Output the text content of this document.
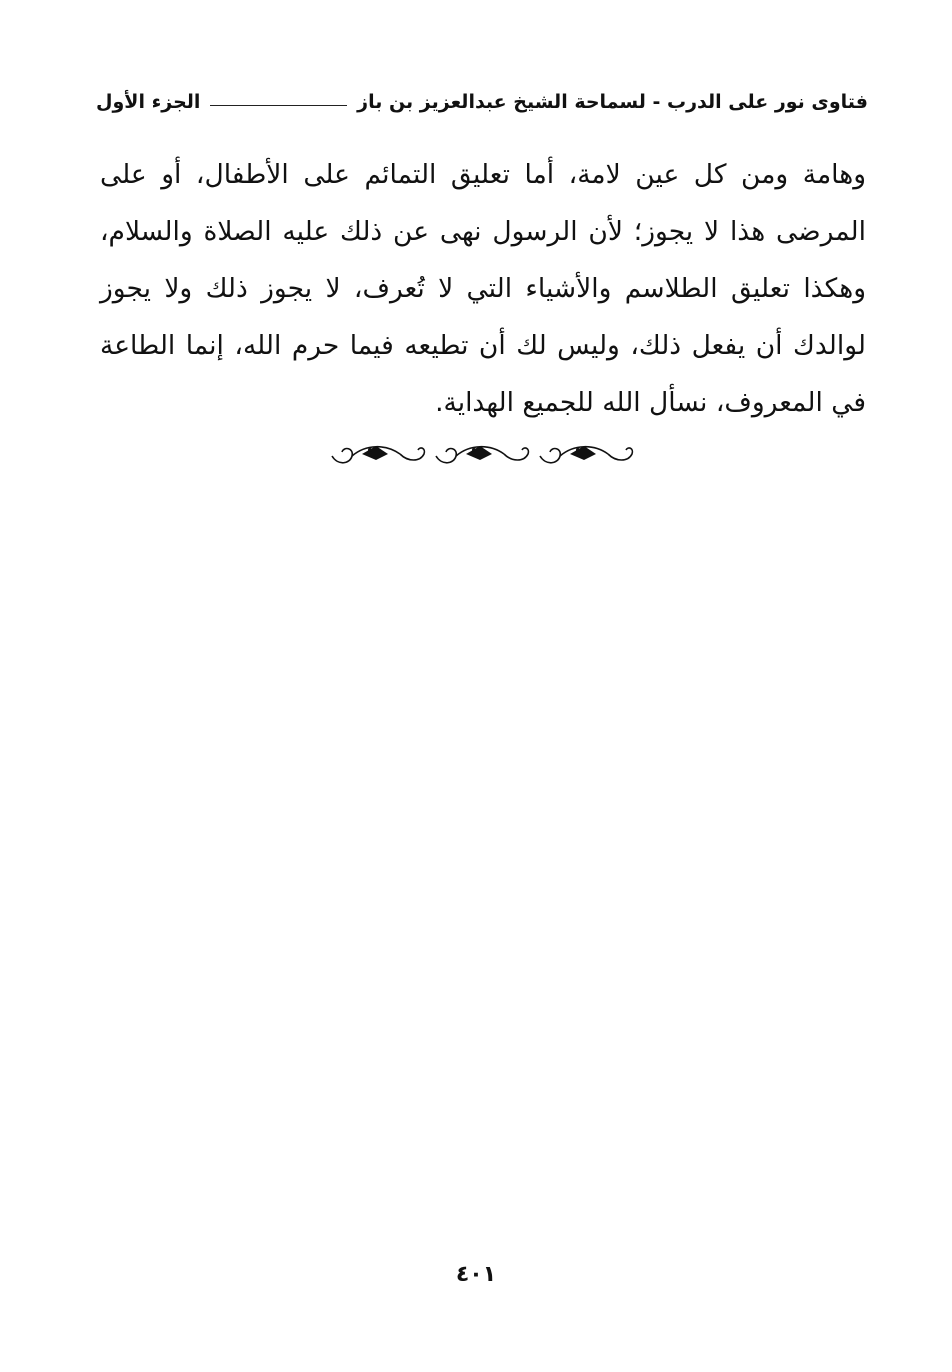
فتاوى نور على الدرب - لسماحة الشيخ عبدالعزيز بن باز
الجزء الأول

وهامة ومن كل عين لامة، أما تعليق التمائم على الأطفال، أو على المرضى هذا لا يجوز؛ لأن الرسول نهى عن ذلك عليه الصلاة والسلام، وهكذا تعليق الطلاسم والأشياء التي لا تُعرف، لا يجوز ذلك ولا يجوز لوالدك أن يفعل ذلك، وليس لك أن تطيعه فيما حرم الله، إنما الطاعة في المعروف، نسأل الله للجميع الهداية.

٤٠١
